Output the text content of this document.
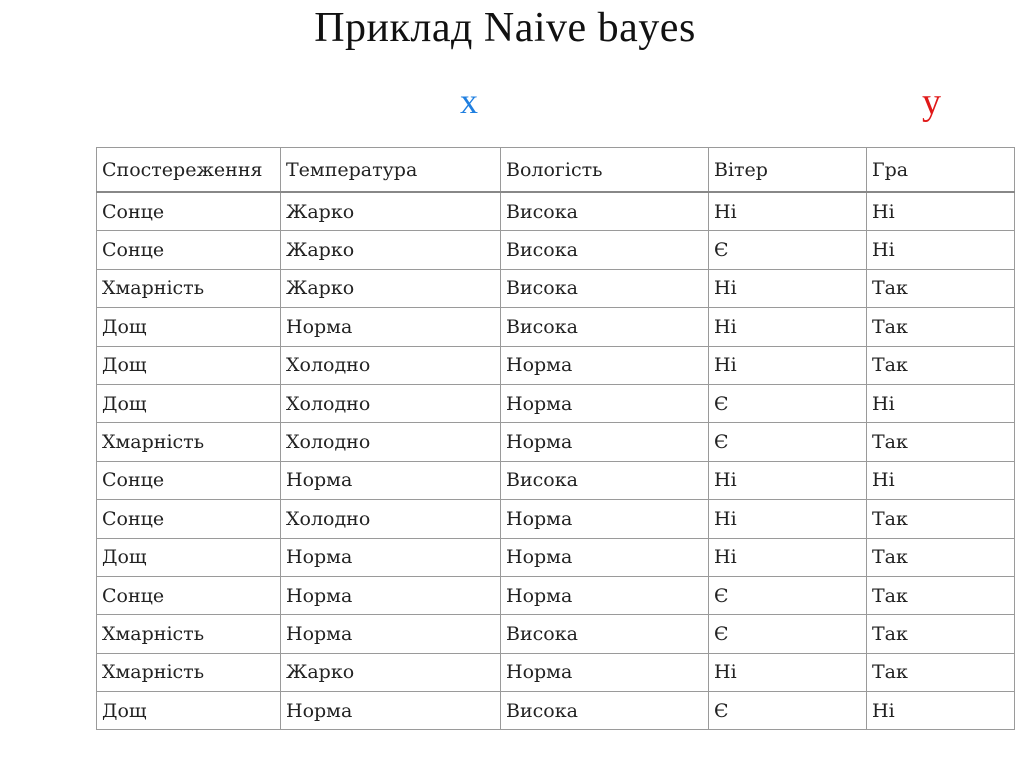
Приклад Naive bayes
x	y
Спостереження	Температура	Вологість	Вітер	Гра
Сонце	Жарко	Висока	Ні	Ні
Сонце	Жарко	Висока	Є	Ні
Хмарність	Жарко	Висока	Ні	Так
Дощ	Норма	Висока	Ні	Так
Дощ	Холодно	Норма	Ні	Так
Дощ	Холодно	Норма	Є	Ні
Хмарність	Холодно	Норма	Є	Так
Сонце	Норма	Висока	Ні	Ні
Сонце	Холодно	Норма	Ні	Так
Дощ	Норма	Норма	Ні	Так
Сонце	Норма	Норма	Є	Так
Хмарність	Норма	Висока	Є	Так
Хмарність	Жарко	Норма	Ні	Так
Дощ	Норма	Висока	Є	Ні
